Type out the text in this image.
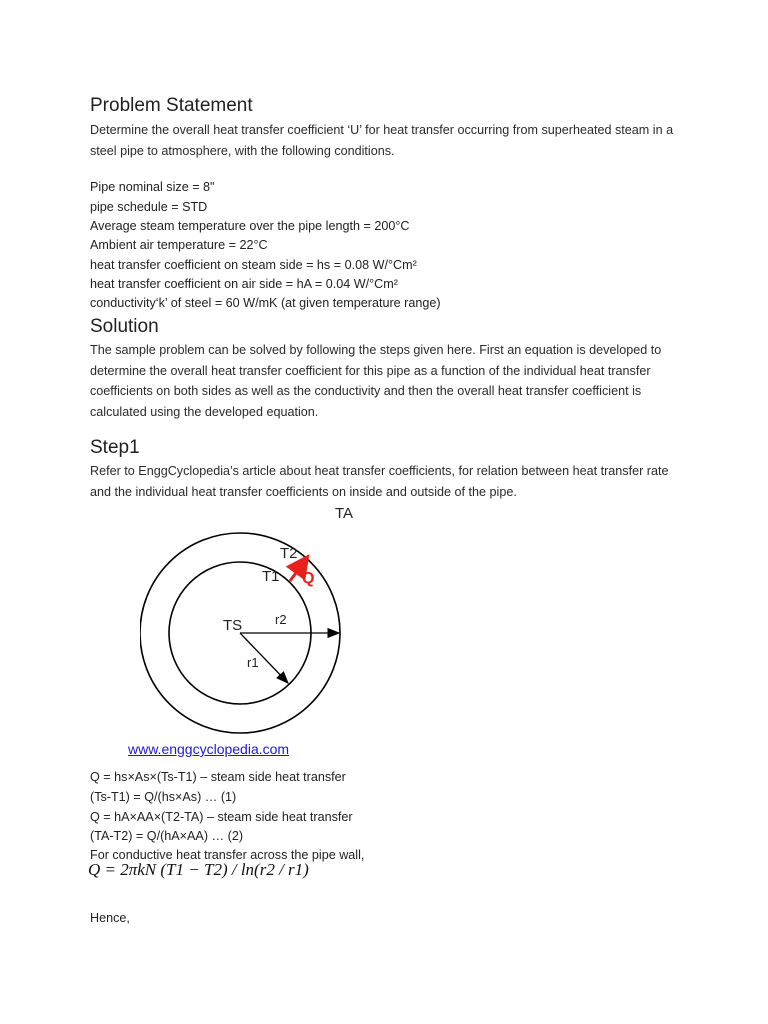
Problem Statement
Determine the overall heat transfer coefficient ‘U’ for heat transfer occurring from superheated steam in a steel pipe to atmosphere, with the following conditions.
Pipe nominal size = 8"
pipe schedule = STD
Average steam temperature over the pipe length = 200°C
Ambient air temperature = 22°C
heat transfer coefficient on steam side = hs = 0.08 W/°Cm²
heat transfer coefficient on air side = hA = 0.04 W/°Cm²
conductivity‘k’ of steel = 60 W/mK (at given temperature range)
Solution
The sample problem can be solved by following the steps given here. First an equation is developed to determine the overall heat transfer coefficient for this pipe as a function of the individual heat transfer coefficients on both sides as well as the conductivity and then the overall heat transfer coefficient is calculated using the developed equation.
Step1
Refer to EnggCyclopedia’s article about heat transfer coefficients, for relation between heat transfer rate and the individual heat transfer coefficients on inside and outside of the pipe.
TA
T2
T1 Q
TS	r2
r1
www.enggcyclopedia.com
Q = hs×As×(Ts-T1) – steam side heat transfer
(Ts-T1) = Q/(hs×As) … (1)
Q = hA×AA×(T2-TA) – steam side heat transfer
(TA-T2) = Q/(hA×AA) … (2)
For conductive heat transfer across the pipe wall,
Q = 2πkN (T1 − T2) / ln(r2 / r1)
Hence,
